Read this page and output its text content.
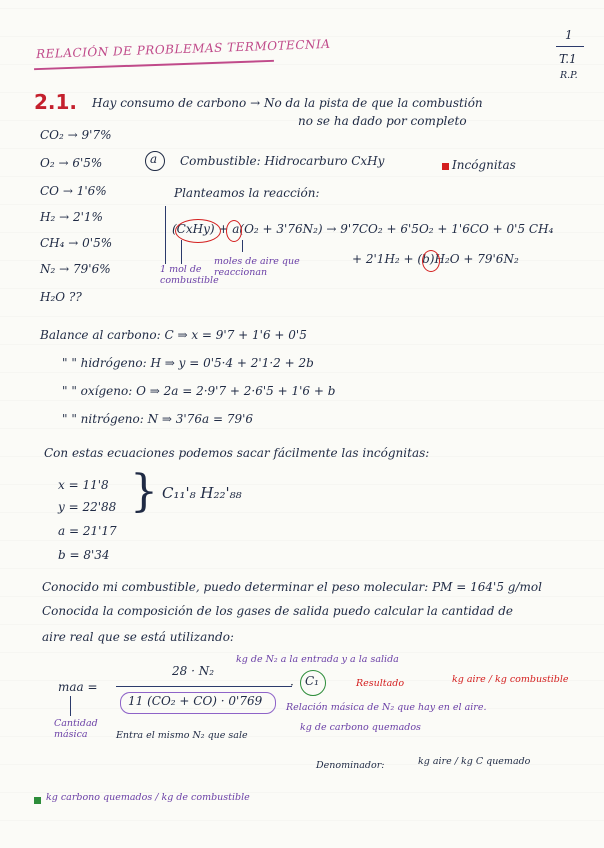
RELACIÓN DE PROBLEMAS TERMOTECNIA
1
T.1
R.P.
2.1. Hay consumo de carbono → No da la pista de que la combustión
no se ha dado por completo
CO₂ → 9'7%
O₂ → 6'5%
CO → 1'6%
H₂ → 2'1%
CH₄ → 0'5%
N₂ → 79'6%
H₂O ??
a Combustible: Hidrocarburo CxHy	Incógnitas
Planteamos la reacción:
(CxHy) + a(O₂ + 3'76N₂) → 9'7CO₂ + 6'5O₂ + 1'6CO + 0'5 CH₄
+ 2'1H₂ + (b)H₂O + 79'6N₂
1 mol de combustible
moles de aire que reaccionan
Balance al carbono: C ⇒ x = 9'7 + 1'6 + 0'5
" " hidrógeno: H ⇒ y = 0'5·4 + 2'1·2 + 2b
" " oxígeno: O ⇒ 2a = 2·9'7 + 2·6'5 + 1'6 + b
" " nitrógeno: N ⇒ 3'76a = 79'6
Con estas ecuaciones podemos sacar fácilmente las incógnitas:
x = 11'8
y = 22'88
a = 21'17
b = 8'34
} C₁₁'₈ H₂₂'₈₈
Conocido mi combustible, puedo determinar el peso molecular: PM = 164'5 g/mol
Conocida la composición de los gases de salida puedo calcular la cantidad de
aire real que se está utilizando:
maa =
28 · N₂
11 (CO₂ + CO) · 0'769
· C₁
kg de N₂ a la entrada y a la salida
Resultado	kg aire / kg combustible
Relación másica de N₂ que hay en el aire.
kg de carbono quemados
Cantidad másica	Entra el mismo N₂ que sale
Denominador:	kg aire / kg C quemado
kg carbono quemados / kg de combustible
